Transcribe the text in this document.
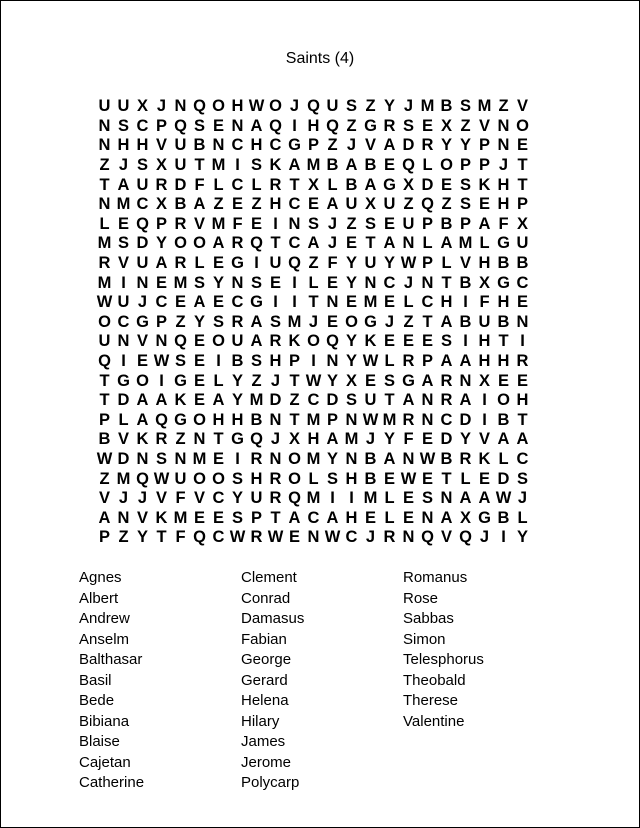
Saints (4)
U U X J N Q O H W O J Q U S Z Y J M B S M Z V
N S C P Q S E N A Q I H Q Z G R S E X Z V N O
N H H V U B N C H C G P Z J V A D R Y Y P N E
Z J S X U T M I S K A M B A B E Q L O P P J T
T A U R D F L C L R T X L B A G X D E S K H T
N M C X B A Z E Z H C E A U X U Z Q Z S E H P
L E Q P R V M F E I N S J Z S E U P B P A F X
M S D Y O O A R Q T C A J E T A N L A M L G U
R V U A R L E G I U Q Z F Y U Y W P L V H B B
M I N E M S Y N S E I L E Y N C J N T B X G C
W U J C E A E C G I I T N E M E L C H I F H E
O C G P Z Y S R A S M J E O G J Z T A B U B N
U N V N Q E O U A R K O Q Y K E E E S I H T I
Q I E W S E I B S H P I N Y W L R P A A H H R
T G O I G E L Y Z J T W Y X E S G A R N X E E
T D A A K E A Y M D Z C D S U T A N R A I O H
P L A Q G O H H B N T M P N W M R N C D I B T
B V K R Z N T G Q J X H A M J Y F E D Y V A A
W D N S N M E I R N O M Y N B A N W B R K L C
Z M Q W U O O S H R O L S H B E W E T L E D S
V J J V F V C Y U R Q M I I M L E S N A A W J
A N V K M E E S P T A C A H E L E N A X G B L
P Z Y T F Q C W R W E N W C J R N Q V Q J I Y
Agnes
Albert
Andrew
Anselm
Balthasar
Basil
Bede
Bibiana
Blaise
Cajetan
Catherine
Clement
Conrad
Damasus
Fabian
George
Gerard
Helena
Hilary
James
Jerome
Polycarp
Romanus
Rose
Sabbas
Simon
Telesphorus
Theobald
Therese
Valentine
